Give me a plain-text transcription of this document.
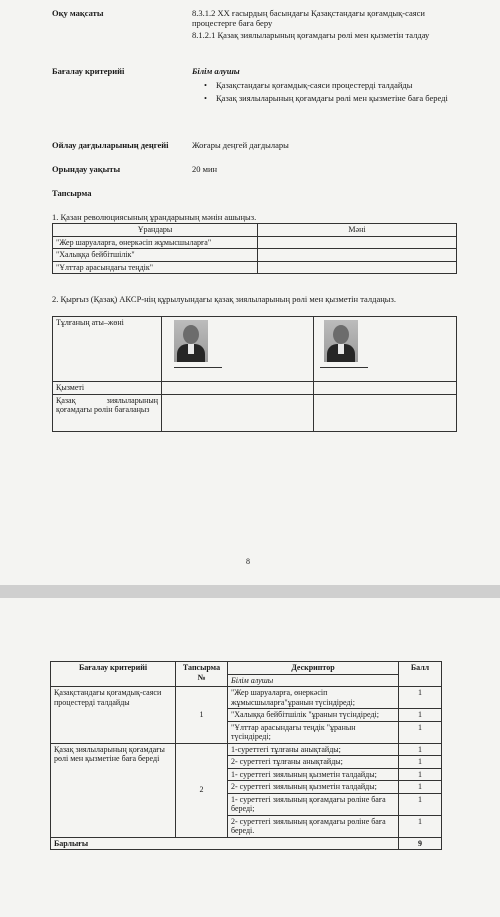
Оқу мақсаты	8.3.1.2 XX ғасырдың басындағы Қазақстандағы қоғамдық-саяси процестерге баға беру
8.1.2.1 Қазақ зиялыларының қоғамдағы рөлі мен қызметін талдау
Бағалау критерийі	Білім алушы
• Қазақстандағы қоғамдық-саяси процестерді талдайды
• Қазақ зиялыларының қоғамдағы рөлі мен қызметіне баға береді
Ойлау дағдыларының деңгейі	Жоғары деңгей дағдылары
Орындау уақыты	20 мин
Тапсырма
1. Қазан революциясының ұрандарының мәнін ашыңыз.
Ұрандары	Мәні
"Жер шаруаларға, өнеркәсіп жұмысшыларға"	
"Халыққа бейбітшілік"	
"Ұлттар арасындағы теңдік"	
2. Қырғыз (Қазақ) АКСР-нің құрылуындағы қазақ зиялыларының рөлі мен қызметін талдаңыз.
Тұлғаның аты–жөні	

Қызметі		
Қазақ зиялыларының қоғамдағы рөлін бағалаңыз		
8
Бағалау критерийі	Тапсырма №	Дескриптор	Балл
		Білім алушы	
Қазақстандағы қоғамдық-саяси процестерді талдайды	1	"Жер шаруаларға, өнеркәсіп жұмысшыларға"ұранын түсіндіреді;	1
		"Халыққа бейбітшілік "ұранын түсіндіреді;	1
		"Ұлттар арасындағы теңдік "ұранын түсіндіреді;	1
Қазақ зиялыларының қоғамдағы рөлі мен қызметіне баға береді	2	1-суреттегі тұлғаны анықтайды;	1
		2- суреттегі тұлғаны анықтайды;	1
		1- суреттегі зиялының қызметін талдайды;	1
		2- суреттегі зиялының қызметін талдайды;	1
		1- суреттегі зиялының қоғамдағы рөліне баға береді;	1
		2- суреттегі зиялының қоғамдағы рөліне баға береді.	1
Барлығы			9
